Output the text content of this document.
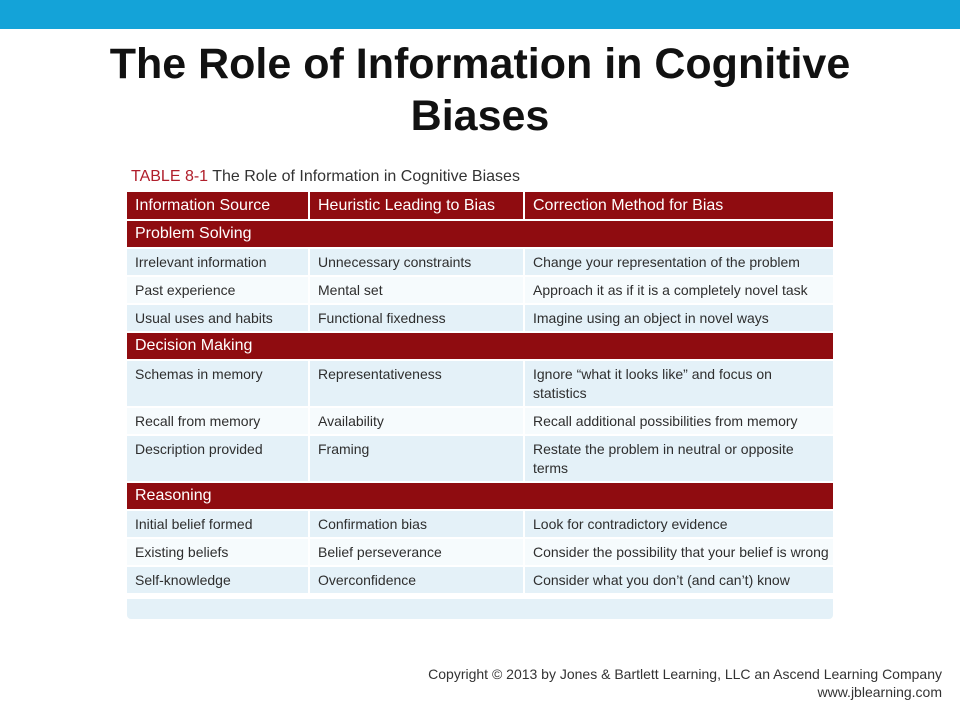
The Role of Information in Cognitive Biases
TABLE 8-1 The Role of Information in Cognitive Biases
Information Source	Heuristic Leading to Bias	Correction Method for Bias
Problem Solving		
Irrelevant information	Unnecessary constraints	Change your representation of the problem
Past experience	Mental set	Approach it as if it is a completely novel task
Usual uses and habits	Functional fixedness	Imagine using an object in novel ways
Decision Making		
Schemas in memory	Representativeness	Ignore “what it looks like” and focus on statistics
Recall from memory	Availability	Recall additional possibilities from memory
Description provided	Framing	Restate the problem in neutral or opposite terms
Reasoning		
Initial belief formed	Confirmation bias	Look for contradictory evidence
Existing beliefs	Belief perseverance	Consider the possibility that your belief is wrong
Self-knowledge	Overconfidence	Consider what you don’t (and can’t) know
Copyright © 2013 by Jones & Bartlett Learning, LLC an Ascend Learning Company
www.jblearning.com
